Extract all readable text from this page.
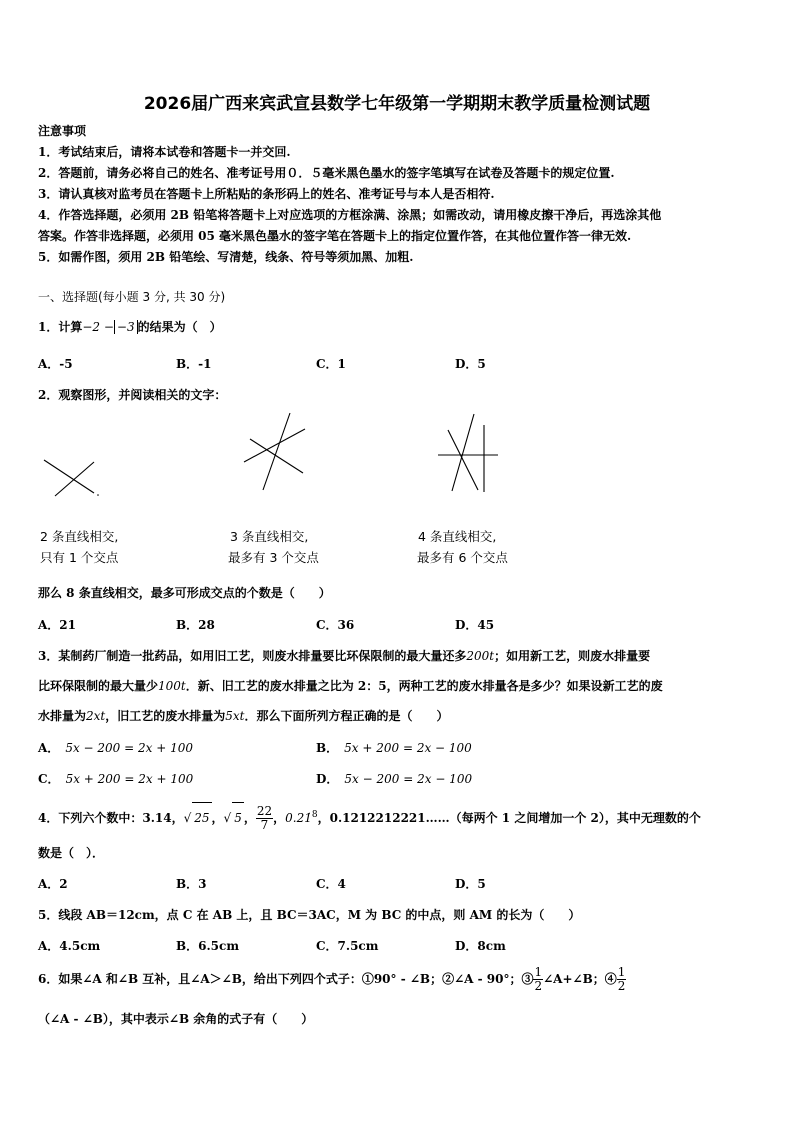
2026届广西来宾武宣县数学七年级第一学期期末教学质量检测试题
注意事项
1．考试结束后，请将本试卷和答题卡一并交回.
2．答题前，请务必将自己的姓名、准考证号用０．５毫米黑色墨水的签字笔填写在试卷及答题卡的规定位置.
3．请认真核对监考员在答题卡上所粘贴的条形码上的姓名、准考证号与本人是否相符.
4．作答选择题，必须用 2B 铅笔将答题卡上对应选项的方框涂满、涂黑；如需改动，请用橡皮擦干净后，再选涂其他
答案。作答非选择题，必须用 05 毫米黑色墨水的签字笔在答题卡上的指定位置作答，在其他位置作答一律无效.
5．如需作图，须用 2B 铅笔绘、写清楚，线条、符号等须加黑、加粗.
一、选择题(每小题 3 分, 共 30 分)
1．计算−2 − −3 的结果为（　）
A．-5	B．-1	C．1	D．5
2．观察图形，并阅读相关的文字：
2 条直线相交,
只有 1 个交点
3 条直线相交,
最多有 3 个交点
4 条直线相交,
最多有 6 个交点
那么 8 条直线相交，最多可形成交点的个数是（　　）
A．21	B．28	C．36	D．45
3．某制药厂制造一批药品，如用旧工艺，则废水排量要比环保限制的最大量还多200t；如用新工艺，则废水排量要
比环保限制的最大量少100t．新、旧工艺的废水排量之比为 2：5，两种工艺的废水排量各是多少？如果设新工艺的废
水排量为2xt，旧工艺的废水排量为5xt．那么下面所列方程正确的是（　　）
A． 5x − 200 = 2x + 100	B． 5x + 200 = 2x − 100
C． 5x + 200 = 2x + 100	D． 5x − 200 = 2x − 100
4．下列六个数中：3.14，√ 25 ，√ 5 ， $\frac{22}{7}$ ，0.21̇$^8$，0.1212212221……（每两个 1 之间增加一个 2），其中无理数的个
数是（　）．
A．2	B．3	C．4	D．5
5．线段 AB＝12cm，点 C 在 AB 上，且 BC＝3AC，M 为 BC 的中点，则 AM 的长为（　　）
A．4.5cm	B．6.5cm	C．7.5cm	D．8cm
6．如果∠A 和∠B 互补，且∠A＞∠B，给出下列四个式子：①90° - ∠B；②∠A - 90°；③ $\frac{1}{2}$ ∠A+∠B；④ $\frac{1}{2}$
（∠A - ∠B），其中表示∠B 余角的式子有（　　）
